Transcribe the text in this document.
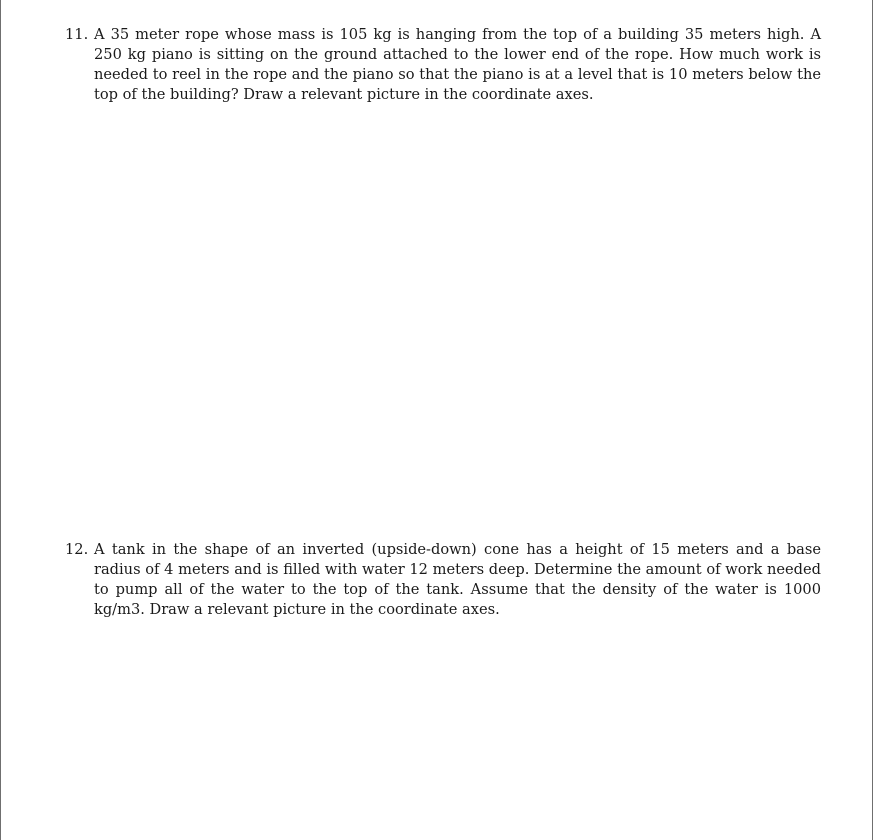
11. A 35 meter rope whose mass is 105 kg is hanging from the top of a building 35 meters high. A 250 kg piano is sitting on the ground attached to the lower end of the rope. How much work is needed to reel in the rope and the piano so that the piano is at a level that is 10 meters below the top of the building? Draw a relevant picture in the coordinate axes.
12. A tank in the shape of an inverted (upside-down) cone has a height of 15 meters and a base radius of 4 meters and is filled with water 12 meters deep. Determine the amount of work needed to pump all of the water to the top of the tank. Assume that the density of the water is 1000 kg/m3. Draw a relevant picture in the coordinate axes.
